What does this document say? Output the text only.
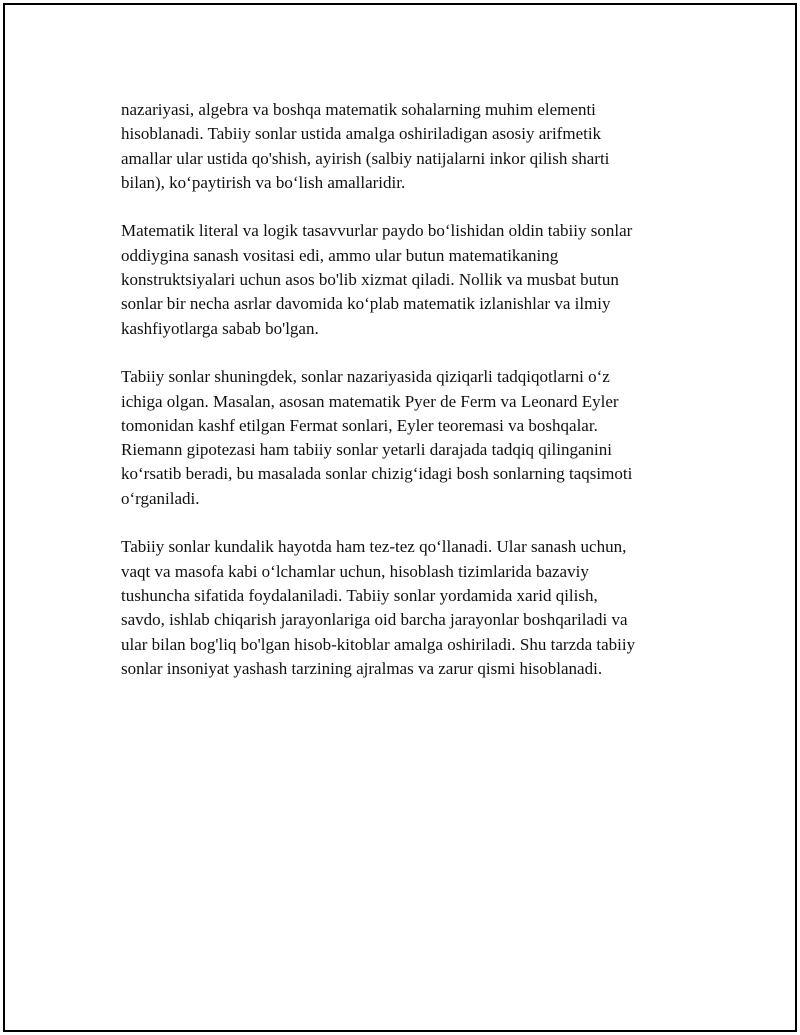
nazariyasi, algebra va boshqa matematik sohalarning muhim elementi
hisoblanadi. Tabiiy sonlar ustida amalga oshiriladigan asosiy arifmetik
amallar ular ustida qo'shish, ayirish (salbiy natijalarni inkor qilish sharti
bilan), ko‘paytirish va bo‘lish amallaridir.

Matematik literal va logik tasavvurlar paydo bo‘lishidan oldin tabiiy sonlar
oddiygina sanash vositasi edi, ammo ular butun matematikaning
konstruktsiyalari uchun asos bo'lib xizmat qiladi. Nollik va musbat butun
sonlar bir necha asrlar davomida ko‘plab matematik izlanishlar va ilmiy
kashfiyotlarga sabab bo'lgan.

Tabiiy sonlar shuningdek, sonlar nazariyasida qiziqarli tadqiqotlarni o‘z
ichiga olgan. Masalan, asosan matematik Pyer de Ferm va Leonard Eyler
tomonidan kashf etilgan Fermat sonlari, Eyler teoremasi va boshqalar.
Riemann gipotezasi ham tabiiy sonlar yetarli darajada tadqiq qilinganini
ko‘rsatib beradi, bu masalada sonlar chizig‘idagi bosh sonlarning taqsimoti
o‘rganiladi.

Tabiiy sonlar kundalik hayotda ham tez-tez qo‘llanadi. Ular sanash uchun,
vaqt va masofa kabi o‘lchamlar uchun, hisoblash tizimlarida bazaviy
tushuncha sifatida foydalaniladi. Tabiiy sonlar yordamida xarid qilish,
savdo, ishlab chiqarish jarayonlariga oid barcha jarayonlar boshqariladi va
ular bilan bog'liq bo'lgan hisob-kitoblar amalga oshiriladi. Shu tarzda tabiiy
sonlar insoniyat yashash tarzining ajralmas va zarur qismi hisoblanadi.
